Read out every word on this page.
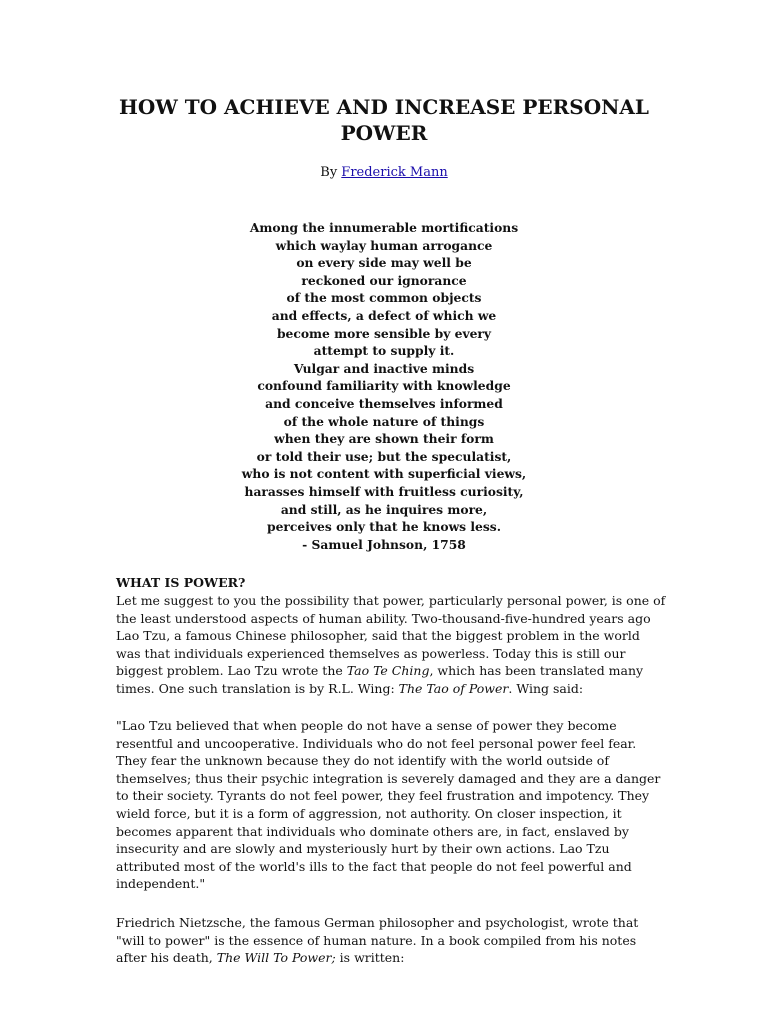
HOW TO ACHIEVE AND INCREASE PERSONAL
POWER
By Frederick Mann
Among the innumerable mortifications
which waylay human arrogance
on every side may well be
reckoned our ignorance
of the most common objects
and effects, a defect of which we
become more sensible by every
attempt to supply it.
Vulgar and inactive minds
confound familiarity with knowledge
and conceive themselves informed
of the whole nature of things
when they are shown their form
or told their use; but the speculatist,
who is not content with superficial views,
harasses himself with fruitless curiosity,
and still, as he inquires more,
perceives only that he knows less.
- Samuel Johnson, 1758
WHAT IS POWER?
Let me suggest to you the possibility that power, particularly personal power, is one of
the least understood aspects of human ability. Two-thousand-five-hundred years ago
Lao Tzu, a famous Chinese philosopher, said that the biggest problem in the world
was that individuals experienced themselves as powerless. Today this is still our
biggest problem. Lao Tzu wrote the Tao Te Ching, which has been translated many
times. One such translation is by R.L. Wing: The Tao of Power. Wing said:
"Lao Tzu believed that when people do not have a sense of power they become
resentful and uncooperative. Individuals who do not feel personal power feel fear.
They fear the unknown because they do not identify with the world outside of
themselves; thus their psychic integration is severely damaged and they are a danger
to their society. Tyrants do not feel power, they feel frustration and impotency. They
wield force, but it is a form of aggression, not authority. On closer inspection, it
becomes apparent that individuals who dominate others are, in fact, enslaved by
insecurity and are slowly and mysteriously hurt by their own actions. Lao Tzu
attributed most of the world's ills to the fact that people do not feel powerful and
independent."
Friedrich Nietzsche, the famous German philosopher and psychologist, wrote that
"will to power" is the essence of human nature. In a book compiled from his notes
after his death, The Will To Power; is written:
